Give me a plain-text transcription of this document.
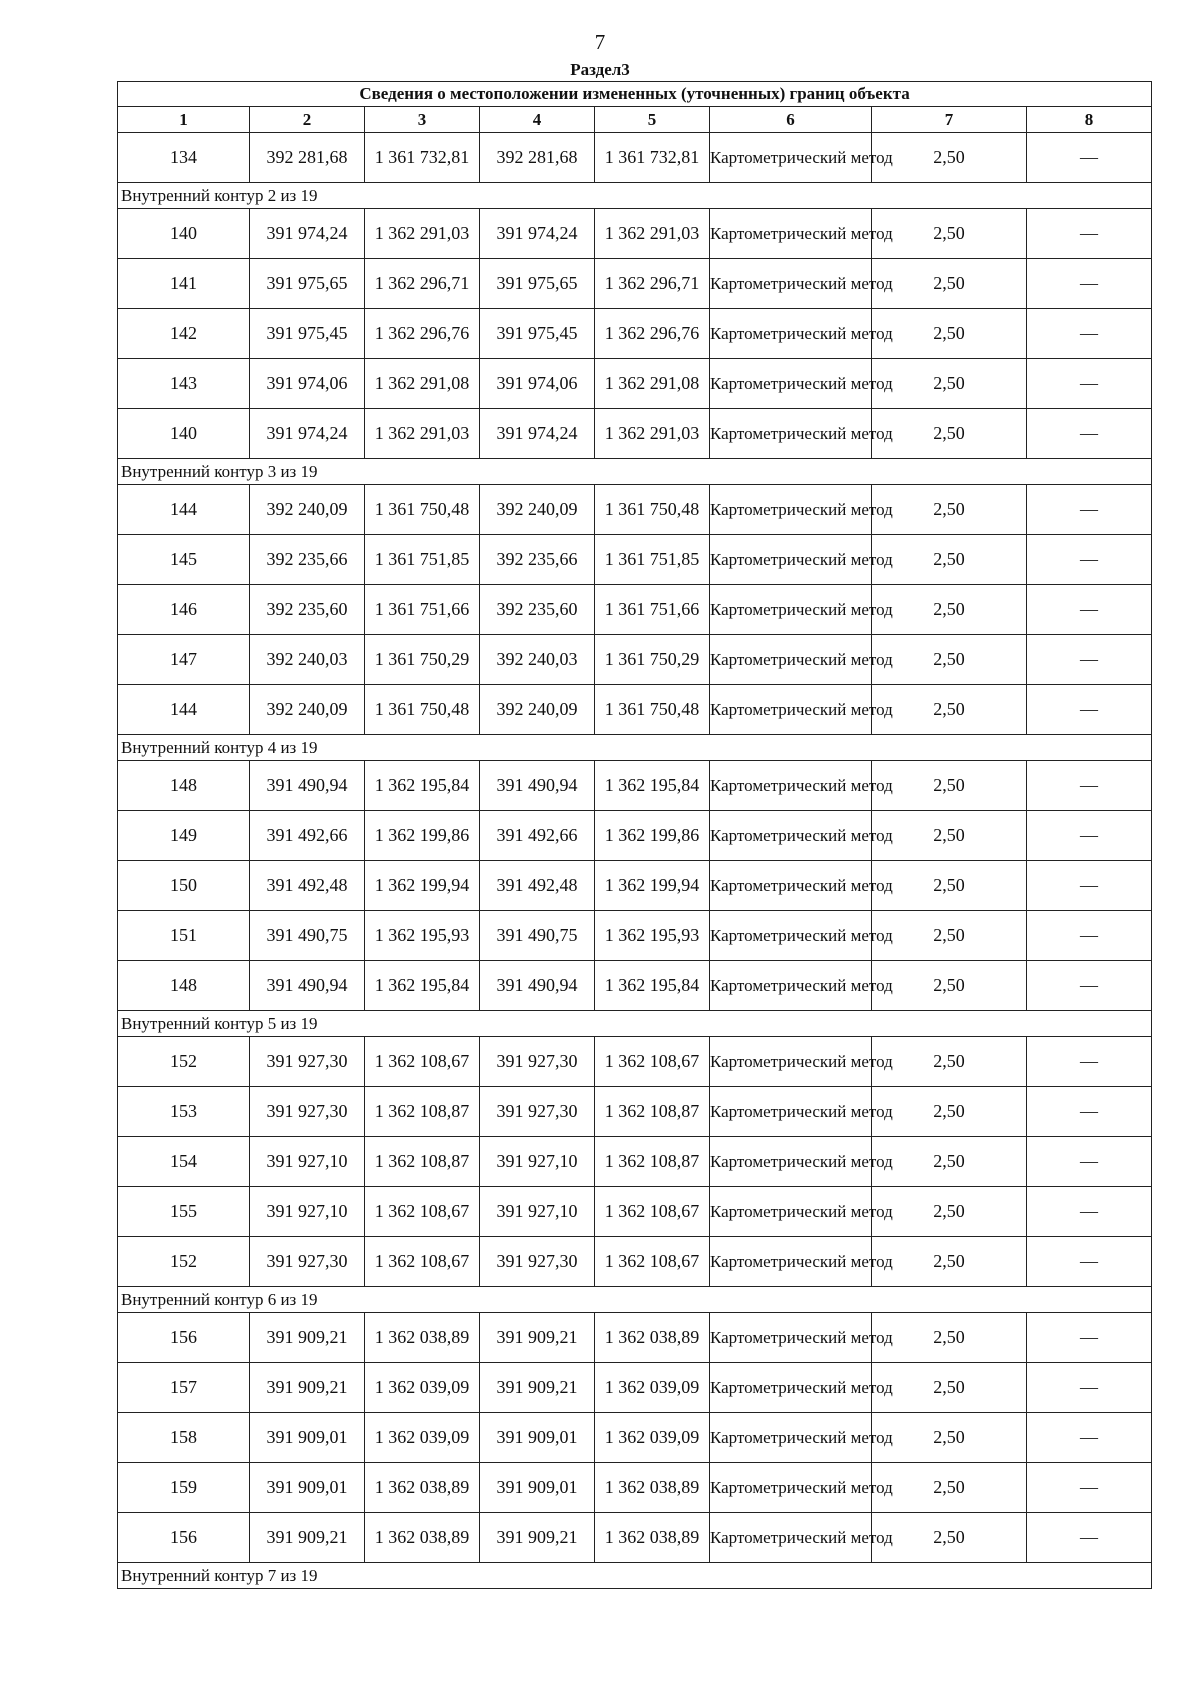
7
Раздел3
Сведения о местоположении измененных (уточненных) границ объекта							
1	2	3	4	5	6	7	8
134	392 281,68	1 361 732,81	392 281,68	1 361 732,81	Картометрический метод	2,50	—
Внутренний контур 2 из 19							
140	391 974,24	1 362 291,03	391 974,24	1 362 291,03	Картометрический метод	2,50	—
141	391 975,65	1 362 296,71	391 975,65	1 362 296,71	Картометрический метод	2,50	—
142	391 975,45	1 362 296,76	391 975,45	1 362 296,76	Картометрический метод	2,50	—
143	391 974,06	1 362 291,08	391 974,06	1 362 291,08	Картометрический метод	2,50	—
140	391 974,24	1 362 291,03	391 974,24	1 362 291,03	Картометрический метод	2,50	—
Внутренний контур 3 из 19							
144	392 240,09	1 361 750,48	392 240,09	1 361 750,48	Картометрический метод	2,50	—
145	392 235,66	1 361 751,85	392 235,66	1 361 751,85	Картометрический метод	2,50	—
146	392 235,60	1 361 751,66	392 235,60	1 361 751,66	Картометрический метод	2,50	—
147	392 240,03	1 361 750,29	392 240,03	1 361 750,29	Картометрический метод	2,50	—
144	392 240,09	1 361 750,48	392 240,09	1 361 750,48	Картометрический метод	2,50	—
Внутренний контур 4 из 19							
148	391 490,94	1 362 195,84	391 490,94	1 362 195,84	Картометрический метод	2,50	—
149	391 492,66	1 362 199,86	391 492,66	1 362 199,86	Картометрический метод	2,50	—
150	391 492,48	1 362 199,94	391 492,48	1 362 199,94	Картометрический метод	2,50	—
151	391 490,75	1 362 195,93	391 490,75	1 362 195,93	Картометрический метод	2,50	—
148	391 490,94	1 362 195,84	391 490,94	1 362 195,84	Картометрический метод	2,50	—
Внутренний контур 5 из 19							
152	391 927,30	1 362 108,67	391 927,30	1 362 108,67	Картометрический метод	2,50	—
153	391 927,30	1 362 108,87	391 927,30	1 362 108,87	Картометрический метод	2,50	—
154	391 927,10	1 362 108,87	391 927,10	1 362 108,87	Картометрический метод	2,50	—
155	391 927,10	1 362 108,67	391 927,10	1 362 108,67	Картометрический метод	2,50	—
152	391 927,30	1 362 108,67	391 927,30	1 362 108,67	Картометрический метод	2,50	—
Внутренний контур 6 из 19							
156	391 909,21	1 362 038,89	391 909,21	1 362 038,89	Картометрический метод	2,50	—
157	391 909,21	1 362 039,09	391 909,21	1 362 039,09	Картометрический метод	2,50	—
158	391 909,01	1 362 039,09	391 909,01	1 362 039,09	Картометрический метод	2,50	—
159	391 909,01	1 362 038,89	391 909,01	1 362 038,89	Картометрический метод	2,50	—
156	391 909,21	1 362 038,89	391 909,21	1 362 038,89	Картометрический метод	2,50	—
Внутренний контур 7 из 19							
